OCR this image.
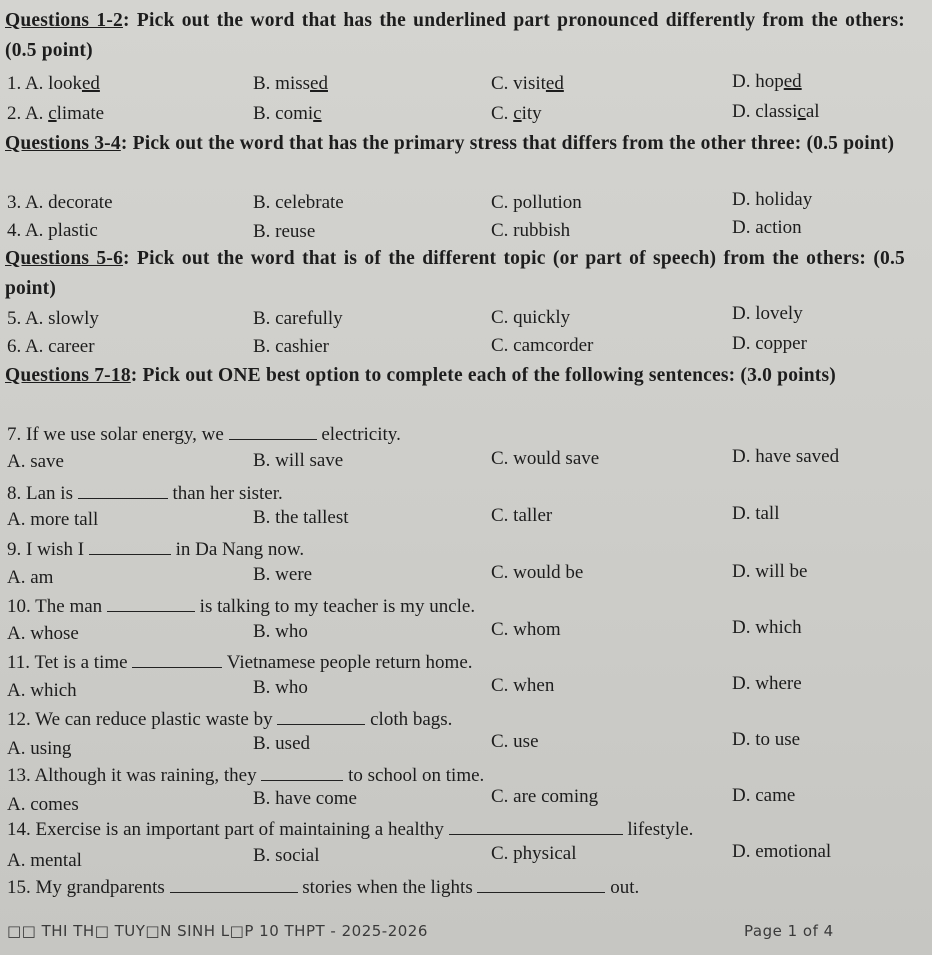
Questions 1-2: Pick out the word that has the underlined part pronounced differently from the others: (0.5 point)
1. A. looked	B. missed	C. visited	D. hoped
2. A. climate	B. comic	C. city	D. classical
Questions 3-4: Pick out the word that has the primary stress that differs from the other three: (0.5 point)
3. A. decorate	B. celebrate	C. pollution	D. holiday
4. A. plastic	B. reuse	C. rubbish	D. action
Questions 5-6: Pick out the word that is of the different topic (or part of speech) from the others: (0.5 point)
5. A. slowly	B. carefully	C. quickly	D. lovely
6. A. career	B. cashier	C. camcorder	D. copper
Questions 7-18: Pick out ONE best option to complete each of the following sentences: (3.0 points)
7. If we use solar energy, we	electricity.
A. save	B. will save	C. would save	D. have saved
8. Lan is	than her sister.
A. more tall	B. the tallest	C. taller	D. tall
9. I wish I	in Da Nang now.
A. am	B. were	C. would be	D. will be
10. The man	is talking to my teacher is my uncle.
A. whose	B. who	C. whom	D. which
11. Tet is a time	Vietnamese people return home.
A. which	B. who	C. when	D. where
12. We can reduce plastic waste by	cloth bags.
A. using	B. used	C. use	D. to use
13. Although it was raining, they	to school on time.
A. comes	B. have come	C. are coming	D. came
14. Exercise is an important part of maintaining a healthy	lifestyle.
A. mental	B. social	C. physical	D. emotional
15. My grandparents	stories when the lights	out.
□□ THI TH□ TUY□N SINH L□P 10 THPT - 2025-2026	Page 1 of 4
